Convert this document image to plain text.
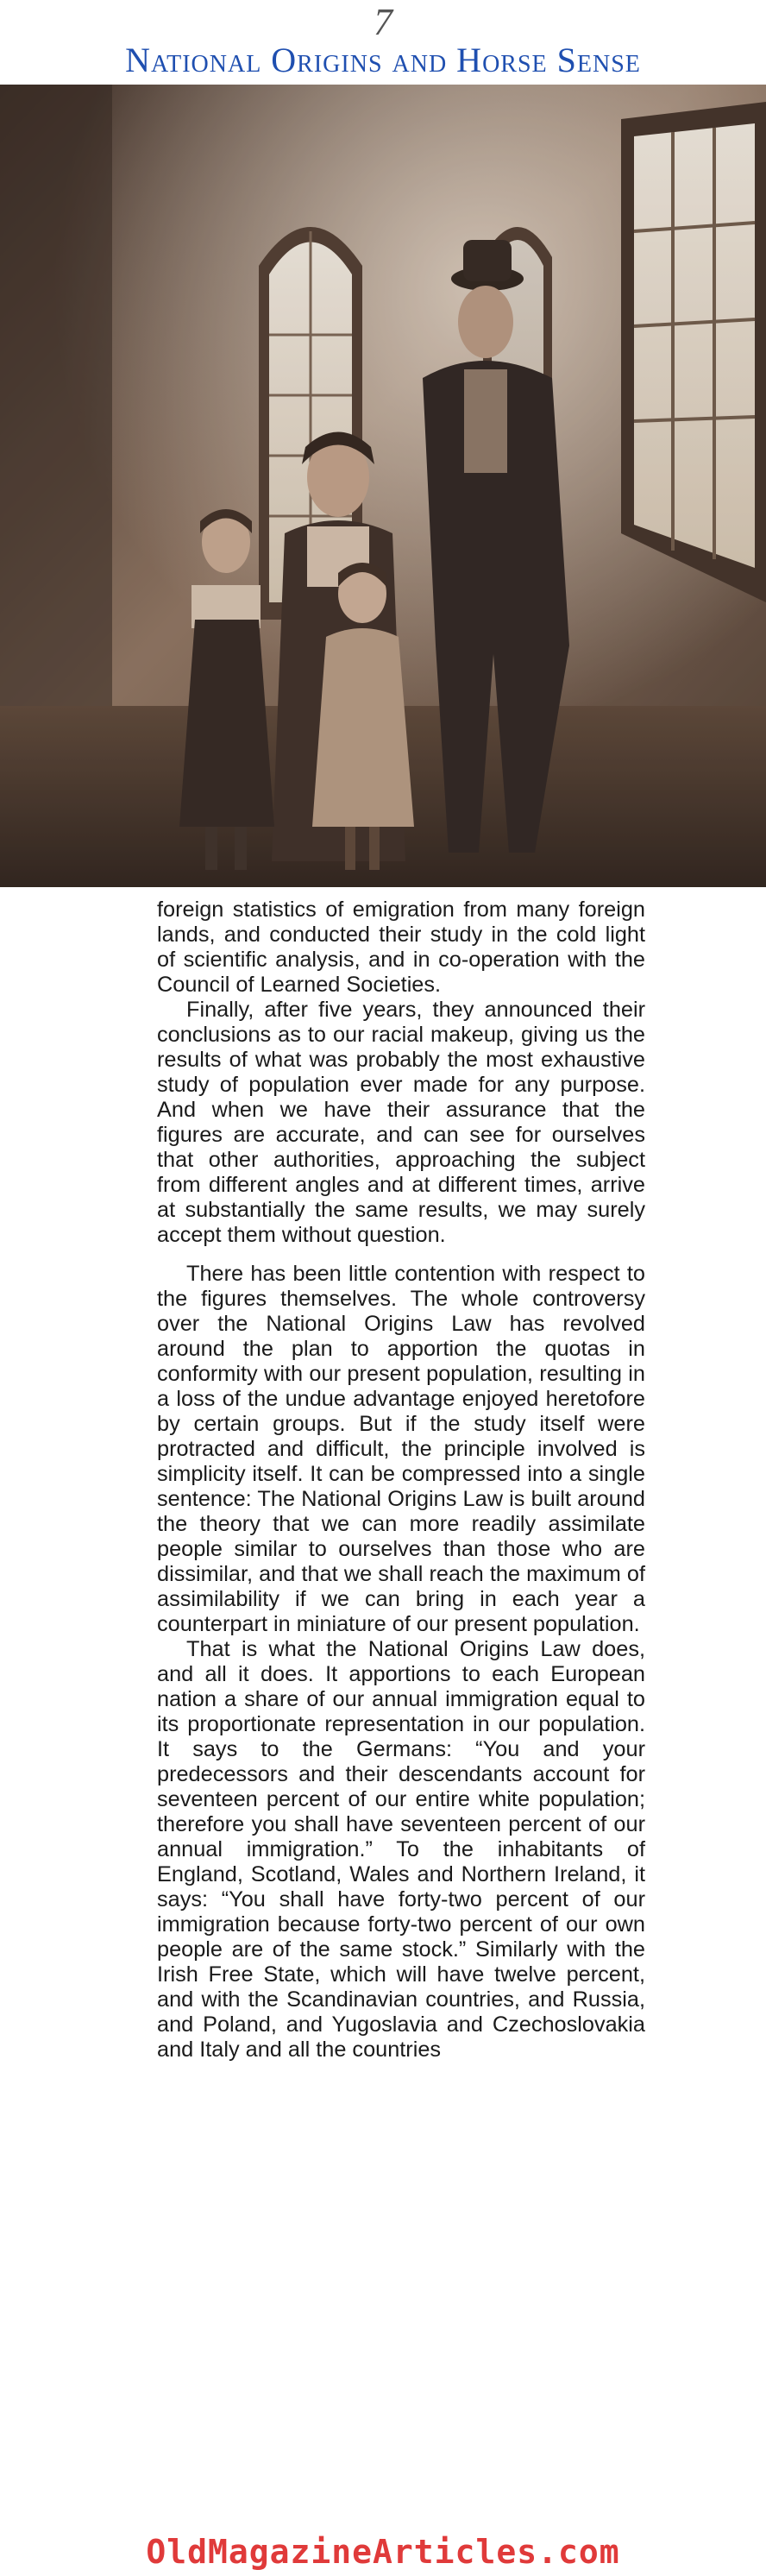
7
National Origins and Horse Sense

foreign statistics of emigration from many foreign lands, and conducted their study in the cold light of scientific analysis, and in co-operation with the Council of Learned Societies.

Finally, after five years, they announced their conclusions as to our racial makeup, giving us the results of what was probably the most exhaustive study of population ever made for any purpose. And when we have their assurance that the figures are accurate, and can see for ourselves that other authorities, approaching the subject from different angles and at different times, arrive at substantially the same results, we may surely accept them without question.

There has been little contention with respect to the figures themselves. The whole controversy over the National Origins Law has revolved around the plan to apportion the quotas in conformity with our present population, resulting in a loss of the undue advantage enjoyed heretofore by certain groups. But if the study itself were protracted and difficult, the principle involved is simplicity itself. It can be compressed into a single sentence: The National Origins Law is built around the theory that we can more readily assimilate people similar to ourselves than those who are dissimilar, and that we shall reach the maximum of assimilability if we can bring in each year a counterpart in miniature of our present population.

That is what the National Origins Law does, and all it does. It apportions to each European nation a share of our annual immigration equal to its proportionate representation in our population. It says to the Germans: “You and your predecessors and their descendants account for seventeen percent of our entire white population; therefore you shall have seventeen percent of our annual immigration.” To the inhabitants of England, Scotland, Wales and Northern Ireland, it says: “You shall have forty-two percent of our immigration because forty-two percent of our own people are of the same stock.” Similarly with the Irish Free State, which will have twelve percent, and with the Scandinavian countries, and Russia, and Poland, and Yugoslavia and Czechoslovakia and Italy and all the countries

OldMagazineArticles.com
